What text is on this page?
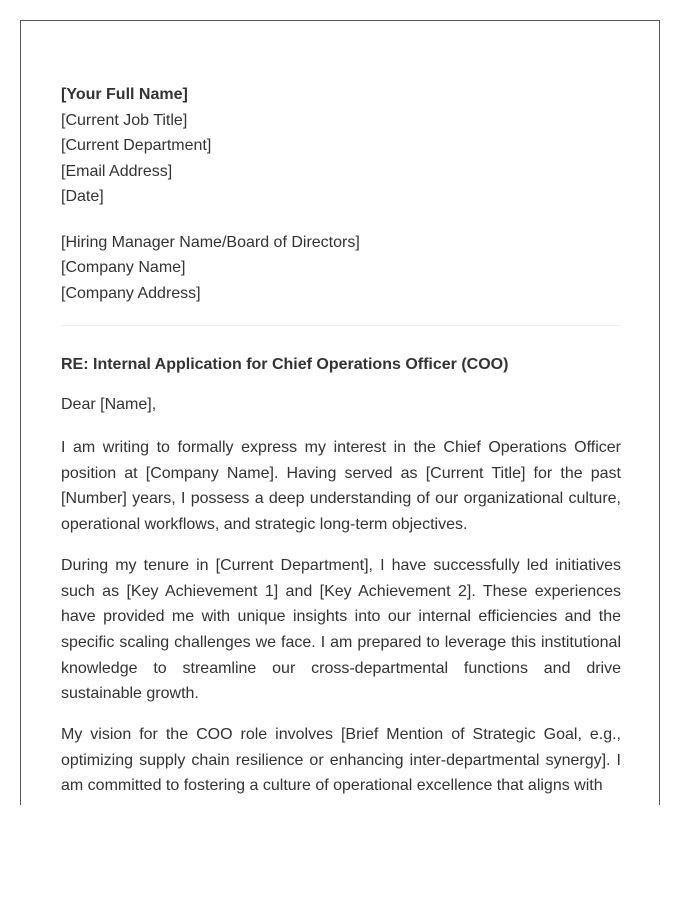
[Your Full Name]

[Current Job Title]

[Current Department]

[Email Address]

[Date]

[Hiring Manager Name/Board of Directors]

[Company Name]

[Company Address]

RE: Internal Application for Chief Operations Officer (COO)

Dear [Name],

I am writing to formally express my interest in the Chief Operations Officer position at [Company Name]. Having served as [Current Title] for the past [Number] years, I possess a deep understanding of our organizational culture, operational workflows, and strategic long-term objectives.

During my tenure in [Current Department], I have successfully led initiatives such as [Key Achievement 1] and [Key Achievement 2]. These experiences have provided me with unique insights into our internal efficiencies and the specific scaling challenges we face. I am prepared to leverage this institutional knowledge to streamline our cross-departmental functions and drive sustainable growth.

My vision for the COO role involves [Brief Mention of Strategic Goal, e.g., optimizing supply chain resilience or enhancing inter-departmental synergy]. I am committed to fostering a culture of operational excellence that aligns with
